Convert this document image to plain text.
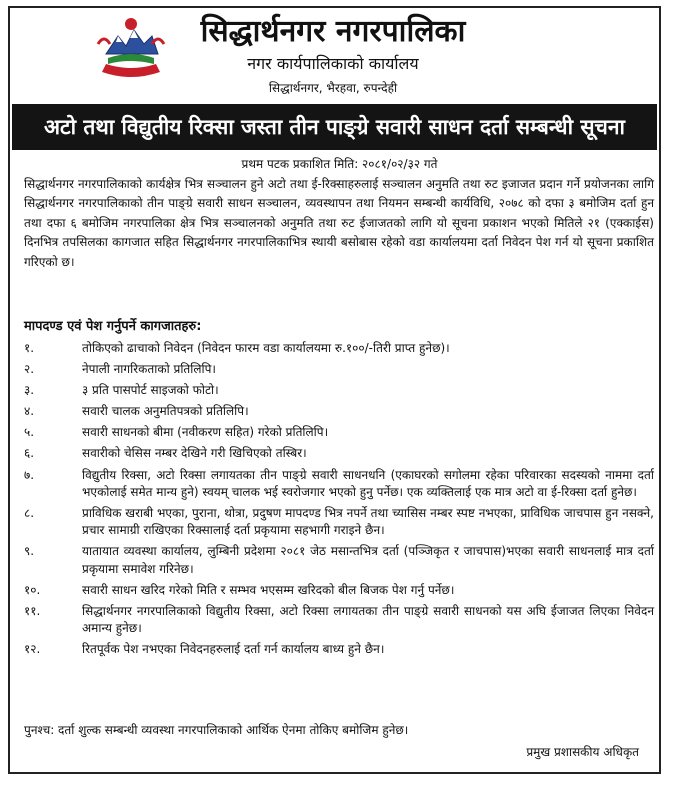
सिद्धार्थनगर नगरपालिका
नगर कार्यपालिकाको कार्यालय
सिद्धार्थनगर, भैरहवा, रुपन्देही
अटो तथा विद्युतीय रिक्सा जस्ता तीन पाङ्ग्रे सवारी साधन दर्ता सम्बन्धी सूचना
प्रथम पटक प्रकाशित मिति: २०८१/०२/३२ गते
सिद्धार्थनगर नगरपालिकाको कार्यक्षेत्र भित्र सञ्चालन हुने अटो तथा ई-रिक्साहरुलाई सञ्चालन अनुमति तथा रुट इजाजत प्रदान गर्ने प्रयोजनका लागि सिद्धार्थनगर नगरपालिकाको तीन पाङ्ग्रे सवारी साधन सञ्चालन, व्यवस्थापन तथा नियमन सम्बन्धी कार्यविधि, २०७८ को दफा ३ बमोजिम दर्ता हुन तथा दफा ६ बमोजिम नगरपालिका क्षेत्र भित्र सञ्चालनको अनुमति तथा रुट ईजाजतको लागि यो सूचना प्रकाशन भएको मितिले २१ (एक्काईस) दिनभित्र तपसिलका कागजात सहित सिद्धार्थनगर नगरपालिकाभित्र स्थायी बसोबास रहेको वडा कार्यालयमा दर्ता निवेदन पेश गर्न यो सूचना प्रकाशित गरिएको छ।
मापदण्ड एवं पेश गर्नुपर्ने कागजातहरु:
१.	तोकिएको ढाचाको निवेदन (निवेदन फारम वडा कार्यालयमा रु.१००/-तिरी प्राप्त हुनेछ)।
२.	नेपाली नागरिकताको प्रतिलिपि।
३.	३ प्रति पासपोर्ट साइजको फोटो।
४.	सवारी चालक अनुमतिपत्रको प्रतिलिपि।
५.	सवारी साधनको बीमा (नवीकरण सहित) गरेको प्रतिलिपि।
६.	सवारीको चेसिस नम्बर देखिने गरी खिचिएको तस्बिर।
७.	विद्युतीय रिक्सा, अटो रिक्सा लगायतका तीन पाङ्ग्रे सवारी साधनधनि (एकाघरको सगोलमा रहेका परिवारका सदस्यको नाममा दर्ता भएकोलाई समेत मान्य हुने) स्वयम् चालक भई स्वरोजगार भएको हुनु पर्नेछ। एक व्यक्तिलाई एक मात्र अटो वा ई-रिक्सा दर्ता हुनेछ।
८.	प्राविधिक खराबी भएका, पुराना, थोत्रा, प्रदुषण मापदण्ड भित्र नपर्ने तथा च्यासिस नम्बर स्पष्ट नभएका, प्राविधिक जाचपास हुन नसक्ने, प्रचार सामाग्री राखिएका रिक्सालाई दर्ता प्रकृयामा सहभागी गराइने छैन।
९.	यातायात व्यवस्था कार्यालय, लुम्बिनी प्रदेशमा २०८१ जेठ मसान्तभित्र दर्ता (पञ्जिकृत र जाचपास)भएका सवारी साधनलाई मात्र दर्ता प्रकृयामा समावेश गरिनेछ।
१०.	सवारी साधन खरिद गरेको मिति र सम्भव भएसम्म खरिदको बील बिजक पेश गर्नु पर्नेछ।
११.	सिद्धार्थनगर नगरपालिकाको विद्युतीय रिक्सा, अटो रिक्सा लगायतका तीन पाङ्ग्रे सवारी साधनको यस अघि ईजाजत लिएका निवेदन अमान्य हुनेछ।
१२.	रितपूर्वक पेश नभएका निवेदनहरुलाई दर्ता गर्न कार्यालय बाध्य हुने छैन।
पुनश्च: दर्ता शुल्क सम्बन्धी व्यवस्था नगरपालिकाको आर्थिक ऐनमा तोकिए बमोजिम हुनेछ।
प्रमुख प्रशासकीय अधिकृत
